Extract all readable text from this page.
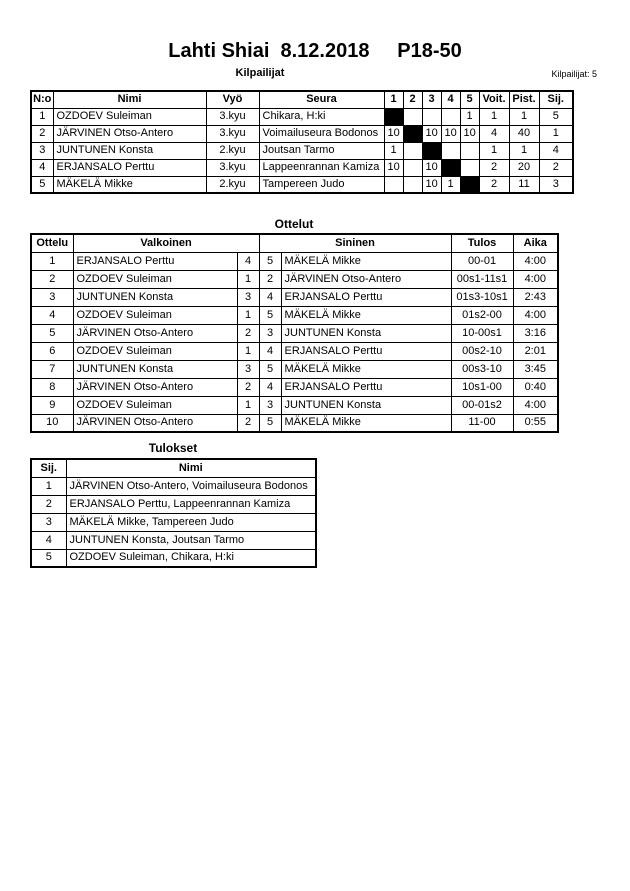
Lahti Shiai  8.12.2018     P18-50
Kilpailijat	Kilpailijat: 5
N:o	Nimi	Vyö	Seura	1	2	3	4	5	Voit.	Pist.	Sij.
1	OZDOEV Suleiman	3.kyu	Chikara, H:ki					1	1	1	5
2	JÄRVINEN Otso-Antero	3.kyu	Voimailuseura Bodonos	10		10	10	10	4	40	1
3	JUNTUNEN Konsta	2.kyu	Joutsan Tarmo	1					1	1	4
4	ERJANSALO Perttu	3.kyu	Lappeenrannan Kamiza	10		10			2	20	2
5	MÄKELÄ Mikke	2.kyu	Tampereen Judo			10	1		2	11	3
Ottelut
Ottelu	Valkoinen		Sininen		Tulos	Aika
1	ERJANSALO Perttu	4	5	MÄKELÄ Mikke	00-01	4:00
2	OZDOEV Suleiman	1	2	JÄRVINEN Otso-Antero	00s1-11s1	4:00
3	JUNTUNEN Konsta	3	4	ERJANSALO Perttu	01s3-10s1	2:43
4	OZDOEV Suleiman	1	5	MÄKELÄ Mikke	01s2-00	4:00
5	JÄRVINEN Otso-Antero	2	3	JUNTUNEN Konsta	10-00s1	3:16
6	OZDOEV Suleiman	1	4	ERJANSALO Perttu	00s2-10	2:01
7	JUNTUNEN Konsta	3	5	MÄKELÄ Mikke	00s3-10	3:45
8	JÄRVINEN Otso-Antero	2	4	ERJANSALO Perttu	10s1-00	0:40
9	OZDOEV Suleiman	1	3	JUNTUNEN Konsta	00-01s2	4:00
10	JÄRVINEN Otso-Antero	2	5	MÄKELÄ Mikke	11-00	0:55
Tulokset
Sij.	Nimi
1	JÄRVINEN Otso-Antero, Voimailuseura Bodonos
2	ERJANSALO Perttu, Lappeenrannan Kamiza
3	MÄKELÄ Mikke, Tampereen Judo
4	JUNTUNEN Konsta, Joutsan Tarmo
5	OZDOEV Suleiman, Chikara, H:ki
